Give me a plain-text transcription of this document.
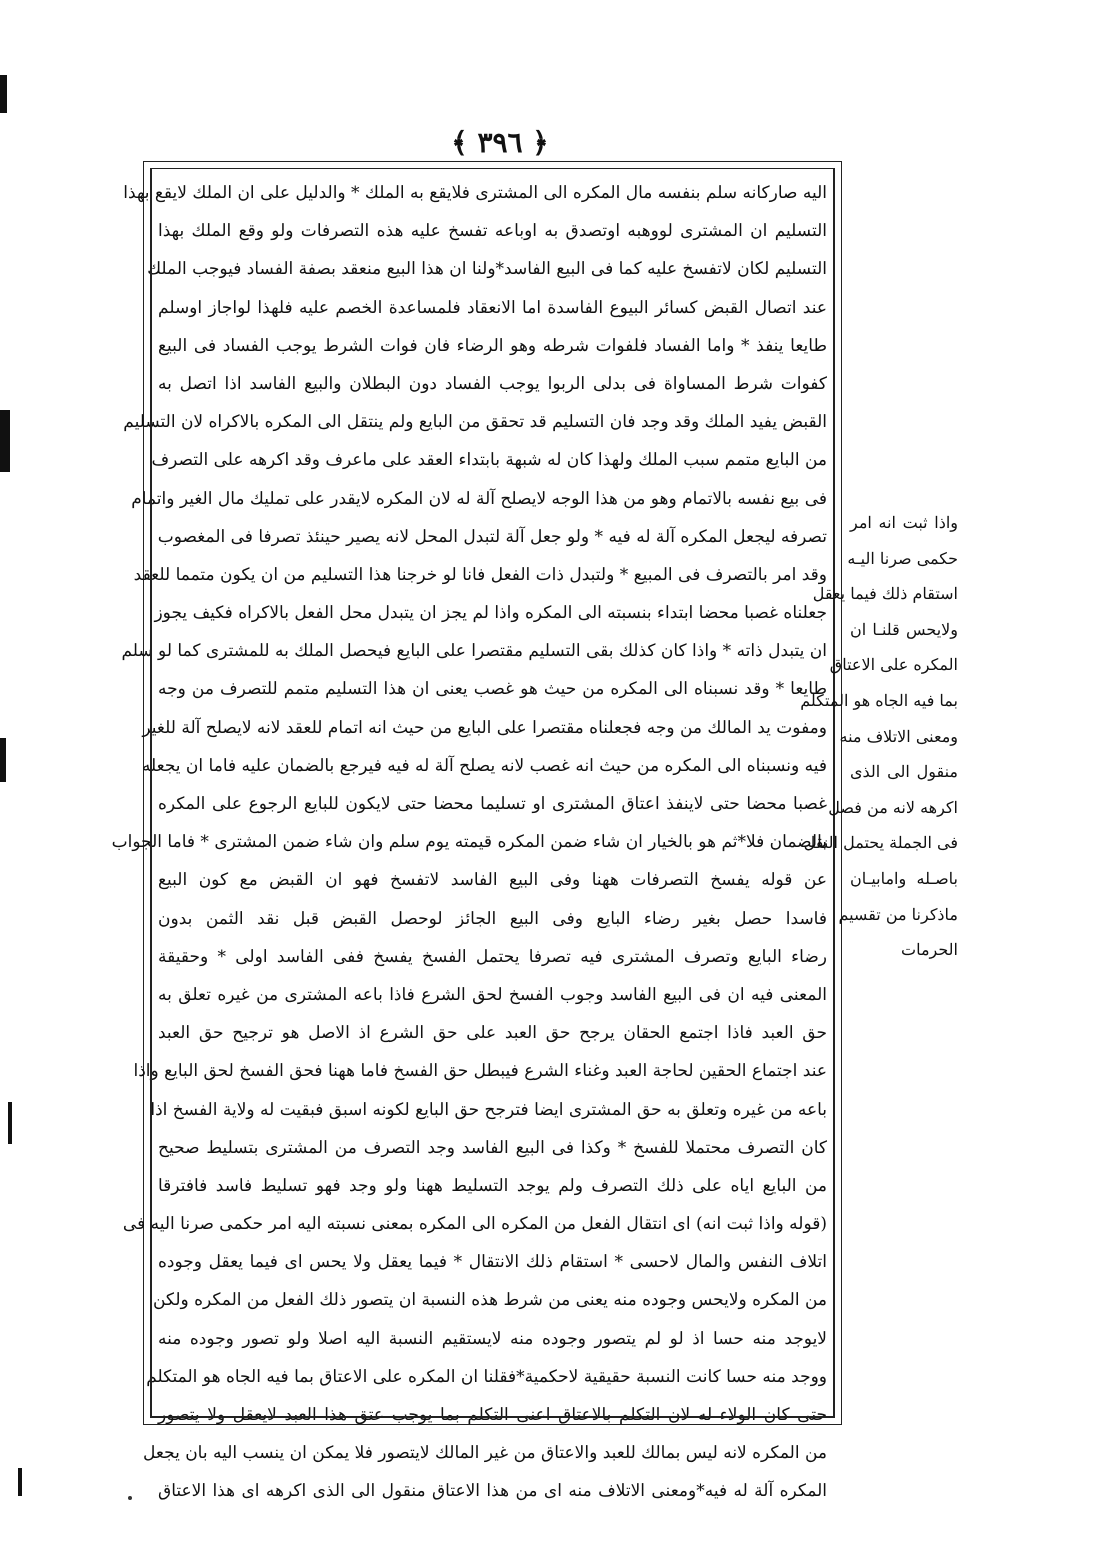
﴿ ٣٩٦ ﴾
اليه صاركانه سلم بنفسه مال المكره الى المشترى فلايقع به الملك * والدليل على ان الملك لايقع بهذا
التسليم ان المشترى لووهبه اوتصدق به اوباعه تفسخ عليه هذه التصرفات ولو وقع الملك بهذا
التسليم لكان لاتفسخ عليه كما فى البيع الفاسد*ولنا ان هذا البيع منعقد بصفة الفساد فيوجب الملك
عند اتصال القبض كسائر البيوع الفاسدة اما الانعقاد فلمساعدة الخصم عليه فلهذا لواجاز اوسلم
طايعا ينفذ * واما الفساد فلفوات شرطه وهو الرضاء فان فوات الشرط يوجب الفساد فى البيع
كفوات شرط المساواة فى بدلى الربوا يوجب الفساد دون البطلان والبيع الفاسد اذا اتصل به
القبض يفيد الملك وقد وجد فان التسليم قد تحقق من البايع ولم ينتقل الى المكره بالاكراه لان التسليم
من البايع متمم سبب الملك ولهذا كان له شبهة بابتداء العقد على ماعرف وقد اكرهه على التصرف
فى بيع نفسه بالاتمام وهو من هذا الوجه لايصلح آلة له لان المكره لايقدر على تمليك مال الغير واتمام
تصرفه ليجعل المكره آلة له فيه * ولو جعل آلة لتبدل المحل لانه يصير حينئذ تصرفا فى المغصوب
وقد امر بالتصرف فى المبيع * ولتبدل ذات الفعل فانا لو خرجنا هذا التسليم من ان يكون متمما للعقد
جعلناه غصبا محضا ابتداء بنسبته الى المكره واذا لم يجز ان يتبدل محل الفعل بالاكراه فكيف يجوز
ان يتبدل ذاته * واذا كان كذلك بقى التسليم مقتصرا على البايع فيحصل الملك به للمشترى كما لو سلم
طايعا * وقد نسبناه الى المكره من حيث هو غصب يعنى ان هذا التسليم متمم للتصرف من وجه
ومفوت يد المالك من وجه فجعلناه مقتصرا على البايع من حيث انه اتمام للعقد لانه لايصلح آلة للغير
فيه ونسبناه الى المكره من حيث انه غصب لانه يصلح آلة له فيه فيرجع بالضمان عليه فاما ان يجعله
غصبا محضا حتى لاينفذ اعتاق المشترى او تسليما محضا حتى لايكون للبايع الرجوع على المكره
بالضمان فلا*ثم هو بالخيار ان شاء ضمن المكره قيمته يوم سلم وان شاء ضمن المشترى * فاما الجواب
عن قوله يفسخ التصرفات ههنا وفى البيع الفاسد لاتفسخ فهو ان القبض مع كون البيع
فاسدا حصل بغير رضاء البايع وفى البيع الجائز لوحصل القبض قبل نقد الثمن بدون
رضاء البايع وتصرف المشترى فيه تصرفا يحتمل الفسخ يفسخ ففى الفاسد اولى * وحقيقة
المعنى فيه ان فى البيع الفاسد وجوب الفسخ لحق الشرع فاذا باعه المشترى من غيره تعلق به
حق العبد فاذا اجتمع الحقان يرجح حق العبد على حق الشرع اذ الاصل هو ترجيح حق العبد
عند اجتماع الحقين لحاجة العبد وغناء الشرع فيبطل حق الفسخ فاما ههنا فحق الفسخ لحق البايع واذا
باعه من غيره وتعلق به حق المشترى ايضا فترجح حق البايع لكونه اسبق فبقيت له ولاية الفسخ اذا
كان التصرف محتملا للفسخ * وكذا فى البيع الفاسد وجد التصرف من المشترى بتسليط صحيح
من البايع اياه على ذلك التصرف ولم يوجد التسليط ههنا ولو وجد فهو تسليط فاسد فافترقا
(قوله واذا ثبت انه) اى انتقال الفعل من المكره الى المكره بمعنى نسبته اليه امر حكمى صرنا اليه فى
اتلاف النفس والمال لاحسى * استقام ذلك الانتقال * فيما يعقل ولا يحس اى فيما يعقل وجوده
من المكره ولايحس وجوده منه يعنى من شرط هذه النسبة ان يتصور ذلك الفعل من المكره ولكن
لايوجد منه حسا اذ لو لم يتصور وجوده منه لايستقيم النسبة اليه اصلا ولو تصور وجوده منه
ووجد منه حسا كانت النسبة حقيقية لاحكمية*فقلنا ان المكره على الاعتاق بما فيه الجاه هو المتكلم
حتى كان الولاء له لان التكلم بالاعتاق اعنى التكلم بما يوجب عتق هذا العبد لايعقل ولا يتصور
من المكره لانه ليس بمالك للعبد والاعتاق من غير المالك لايتصور فلا يمكن ان ينسب اليه بان يجعل
المكره آلة له فيه*ومعنى الاتلاف منه اى من هذا الاعتاق منقول الى الذى اكرهه اى هذا الاعتاق
واذا ثبت انه امر
حكمى صرنا اليـه
استقام ذلك فيما يعقل
ولايحس قلنـا ان
المكره على الاعتاق
بما فيه الجاه هو المتكلم
ومعنى الاتلاف منه
منقول الى الذى
اكرهه لانه من فصل
فى الجملة يحتمل النقل
باصـله وامابيـان
ماذكرنا من تقسيم
الحرمات
